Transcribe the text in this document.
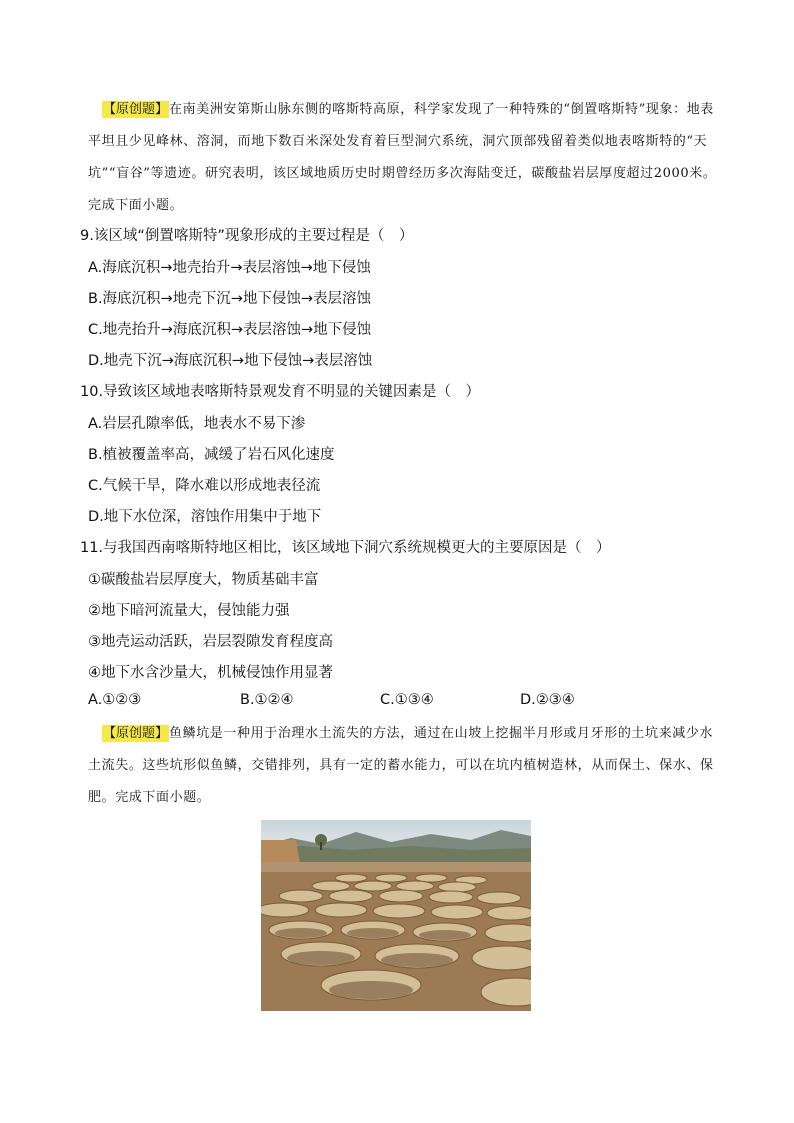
【原创题】在南美洲安第斯山脉东侧的喀斯特高原，科学家发现了一种特殊的“倒置喀斯特”现象：地表平坦且少见峰林、溶洞，而地下数百米深处发育着巨型洞穴系统，洞穴顶部残留着类似地表喀斯特的“天坑”“盲谷”等遗迹。研究表明，该区域地质历史时期曾经历多次海陆变迁，碳酸盐岩层厚度超过2000米。完成下面小题。

9.该区域“倒置喀斯特”现象形成的主要过程是（　）

A.海底沉积→地壳抬升→表层溶蚀→地下侵蚀

B.海底沉积→地壳下沉→地下侵蚀→表层溶蚀

C.地壳抬升→海底沉积→表层溶蚀→地下侵蚀

D.地壳下沉→海底沉积→地下侵蚀→表层溶蚀

10.导致该区域地表喀斯特景观发育不明显的关键因素是（　）

A.岩层孔隙率低，地表水不易下渗

B.植被覆盖率高，减缓了岩石风化速度

C.气候干旱，降水难以形成地表径流

D.地下水位深，溶蚀作用集中于地下

11.与我国西南喀斯特地区相比，该区域地下洞穴系统规模更大的主要原因是（　）

①碳酸盐岩层厚度大，物质基础丰富

②地下暗河流量大，侵蚀能力强

③地壳运动活跃，岩层裂隙发育程度高

④地下水含沙量大，机械侵蚀作用显著

A.①②③	B.①②④	C.①③④	D.②③④

【原创题】鱼鳞坑是一种用于治理水土流失的方法，通过在山坡上挖掘半月形或月牙形的土坑来减少水土流失。这些坑形似鱼鳞，交错排列，具有一定的蓄水能力，可以在坑内植树造林，从而保土、保水、保肥。完成下面小题。
